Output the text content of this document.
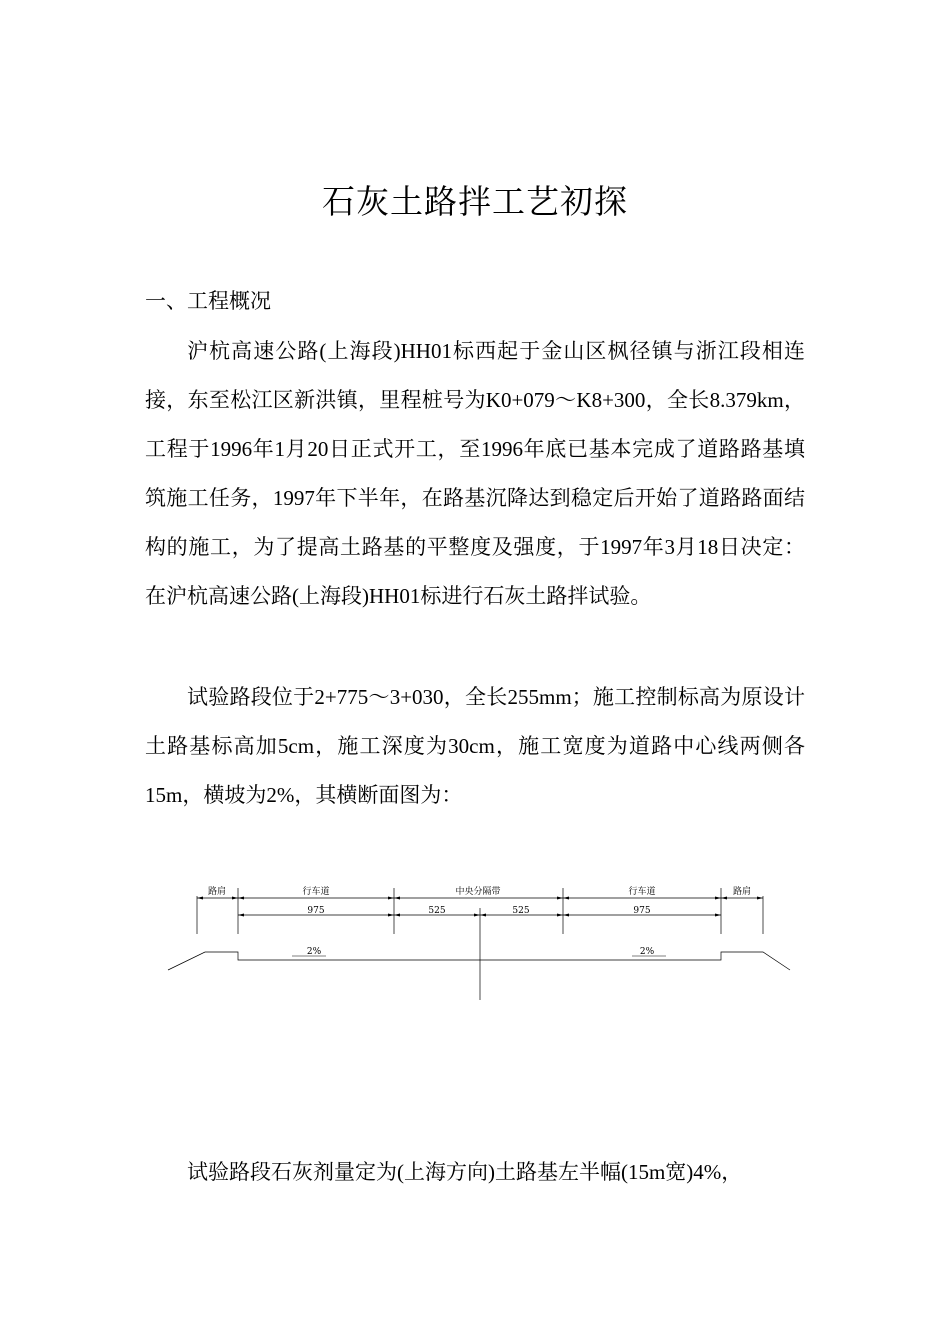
石灰土路拌工艺初探
一、工程概况

沪杭高速公路(上海段)HH01标西起于金山区枫径镇与浙江段相连接，东至松江区新洪镇，里程桩号为K0+079～K8+300，全长8.379km，工程于1996年1月20日正式开工，至1996年底已基本完成了道路路基填筑施工任务，1997年下半年，在路基沉降达到稳定后开始了道路路面结构的施工，为了提高土路基的平整度及强度，于1997年3月18日决定：在沪杭高速公路(上海段)HH01标进行石灰土路拌试验。

试验路段位于2+775～3+030，全长255mm；施工控制标高为原设计土路基标高加5cm，施工深度为30cm，施工宽度为道路中心线两侧各15m，横坡为2%，其横断面图为：

路肩	行车道	中央分隔带	行车道	路肩
975	525	525	975
2%	2%

试验路段石灰剂量定为(上海方向)土路基左半幅(15m宽)4%，
